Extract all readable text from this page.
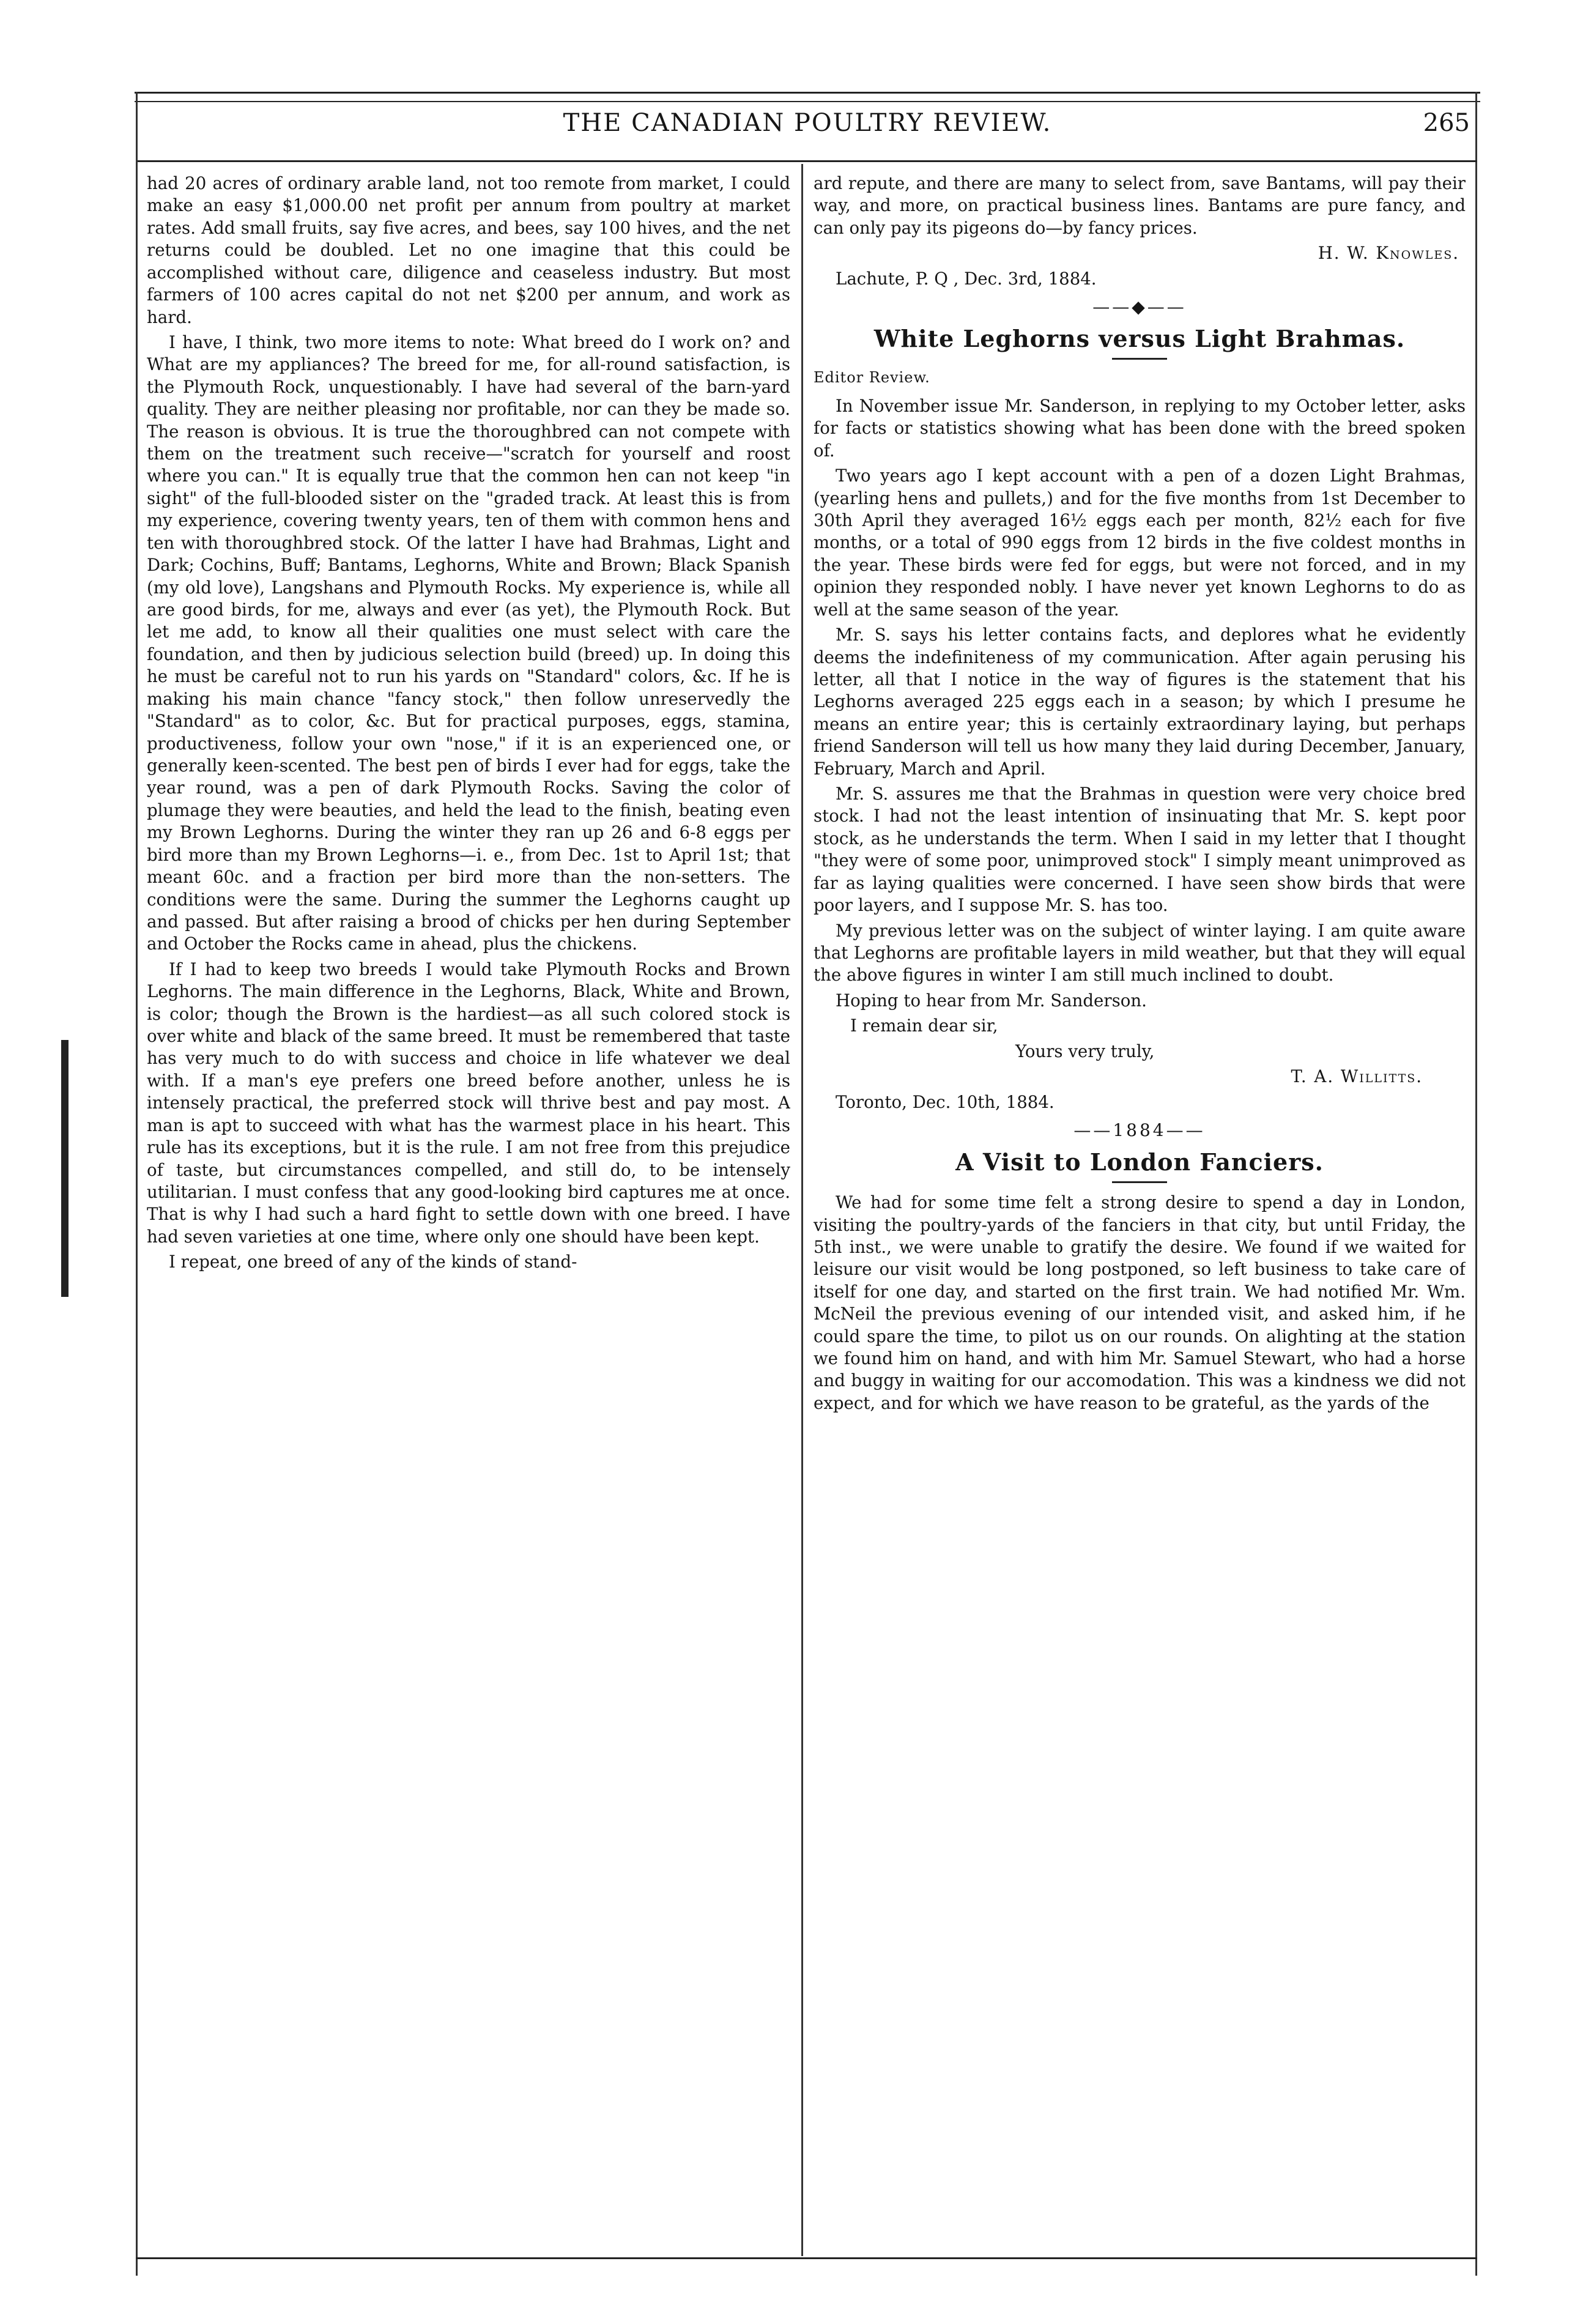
THE CANADIAN POULTRY REVIEW.	265

had 20 acres of ordinary arable land, not too remote from market, I could make an easy $1,000.00 net profit per annum from poultry at market rates. Add small fruits, say five acres, and bees, say 100 hives, and the net returns could be doubled. Let no one imagine that this could be accomplished without care, diligence and ceaseless industry. But most farmers of 100 acres capital do not net $200 per annum, and work as hard.

I have, I think, two more items to note: What breed do I work on? and What are my appliances? The breed for me, for all-round satisfaction, is the Plymouth Rock, unquestionably. I have had several of the barn-yard quality. They are neither pleasing nor profitable, nor can they be made so. The reason is obvious. It is true the thoroughbred can not compete with them on the treatment such receive—"scratch for yourself and roost where you can." It is equally true that the common hen can not keep "in sight" of the full-blooded sister on the "graded track. At least this is from my experience, covering twenty years, ten of them with common hens and ten with thoroughbred stock. Of the latter I have had Brahmas, Light and Dark; Cochins, Buff; Bantams, Leghorns, White and Brown; Black Spanish (my old love), Langshans and Plymouth Rocks. My experience is, while all are good birds, for me, always and ever (as yet), the Plymouth Rock. But let me add, to know all their qualities one must select with care the foundation, and then by judicious selection build (breed) up. In doing this he must be careful not to run his yards on "Standard" colors, &c. If he is making his main chance "fancy stock," then follow unreservedly the "Standard" as to color, &c. But for practical purposes, eggs, stamina, productiveness, follow your own "nose," if it is an experienced one, or generally keen-scented. The best pen of birds I ever had for eggs, take the year round, was a pen of dark Plymouth Rocks. Saving the color of plumage they were beauties, and held the lead to the finish, beating even my Brown Leghorns. During the winter they ran up 26 and 6-8 eggs per bird more than my Brown Leghorns—i. e., from Dec. 1st to April 1st; that meant 60c. and a fraction per bird more than the non-setters. The conditions were the same. During the summer the Leghorns caught up and passed. But after raising a brood of chicks per hen during September and October the Rocks came in ahead, plus the chickens.

If I had to keep two breeds I would take Plymouth Rocks and Brown Leghorns. The main difference in the Leghorns, Black, White and Brown, is color; though the Brown is the hardiest—as all such colored stock is over white and black of the same breed. It must be remembered that taste has very much to do with success and choice in life whatever we deal with. If a man's eye prefers one breed before another, unless he is intensely practical, the preferred stock will thrive best and pay most. A man is apt to succeed with what has the warmest place in his heart. This rule has its exceptions, but it is the rule. I am not free from this prejudice of taste, but circumstances compelled, and still do, to be intensely utilitarian. I must confess that any good-looking bird captures me at once. That is why I had such a hard fight to settle down with one breed. I have had seven varieties at one time, where only one should have been kept.

I repeat, one breed of any of the kinds of stand-

ard repute, and there are many to select from, save Bantams, will pay their way, and more, on practical business lines. Bantams are pure fancy, and can only pay its pigeons do—by fancy prices.

H. W. Knowles.

Lachute, P. Q , Dec. 3rd, 1884.

——◆——
White Leghorns versus Light Brahmas.
Editor Review.

In November issue Mr. Sanderson, in replying to my October letter, asks for facts or statistics showing what has been done with the breed spoken of.

Two years ago I kept account with a pen of a dozen Light Brahmas, (yearling hens and pullets,) and for the five months from 1st December to 30th April they averaged 16½ eggs each per month, 82½ each for five months, or a total of 990 eggs from 12 birds in the five coldest months in the year. These birds were fed for eggs, but were not forced, and in my opinion they responded nobly. I have never yet known Leghorns to do as well at the same season of the year.

Mr. S. says his letter contains facts, and deplores what he evidently deems the indefiniteness of my communication. After again perusing his letter, all that I notice in the way of figures is the statement that his Leghorns averaged 225 eggs each in a season; by which I presume he means an entire year; this is certainly extraordinary laying, but perhaps friend Sanderson will tell us how many they laid during December, January, February, March and April.

Mr. S. assures me that the Brahmas in question were very choice bred stock. I had not the least intention of insinuating that Mr. S. kept poor stock, as he understands the term. When I said in my letter that I thought "they were of some poor, unimproved stock" I simply meant unimproved as far as laying qualities were concerned. I have seen show birds that were poor layers, and I suppose Mr. S. has too.

My previous letter was on the subject of winter laying. I am quite aware that Leghorns are profitable layers in mild weather, but that they will equal the above figures in winter I am still much inclined to doubt.

Hoping to hear from Mr. Sanderson.

I remain dear sir,

Yours very truly,

T. A. Willitts.

Toronto, Dec. 10th, 1884.

——1884——
A Visit to London Fanciers.

We had for some time felt a strong desire to spend a day in London, visiting the poultry-yards of the fanciers in that city, but until Friday, the 5th inst., we were unable to gratify the desire. We found if we waited for leisure our visit would be long postponed, so left business to take care of itself for one day, and started on the first train. We had notified Mr. Wm. McNeil the previous evening of our intended visit, and asked him, if he could spare the time, to pilot us on our rounds. On alighting at the station we found him on hand, and with him Mr. Samuel Stewart, who had a horse and buggy in waiting for our accomodation. This was a kindness we did not expect, and for which we have reason to be grateful, as the yards of the
